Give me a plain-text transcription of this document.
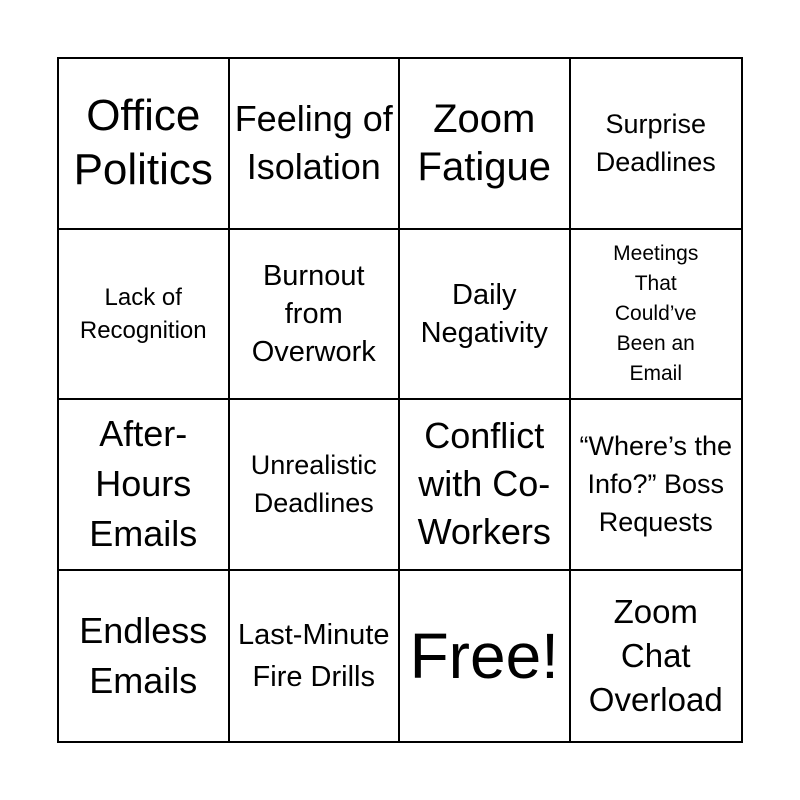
Office Politics
Feeling of Isolation
Zoom Fatigue
Surprise Deadlines
Lack of Recognition
Burnout from Overwork
Daily Negativity
Meetings That Could’ve Been an Email
After-Hours Emails
Unrealistic Deadlines
Conflict with Co-Workers
“Where’s the Info?” Boss Requests
Endless Emails
Last-Minute Fire Drills Free!
Zoom Chat Overload
